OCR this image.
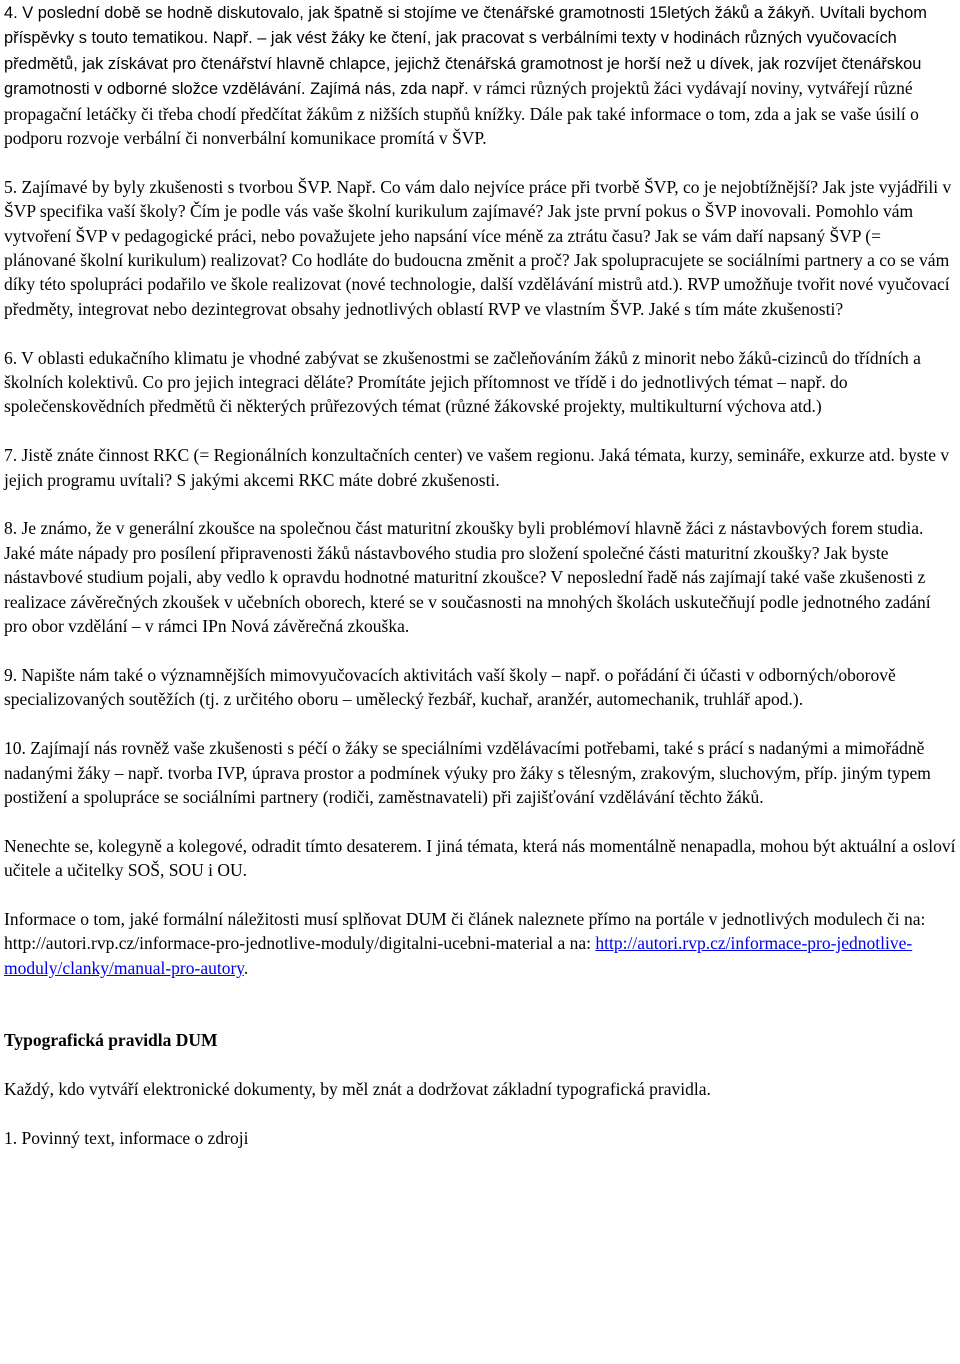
4. V poslední době se hodně diskutovalo, jak špatně si stojíme ve čtenářské gramotnosti 15letých žáků a žákyň. Uvítali bychom příspěvky s touto tematikou. Např. – jak vést žáky ke čtení, jak pracovat s verbálními texty v hodinách různých vyučovacích předmětů, jak získávat pro čtenářství hlavně chlapce, jejichž čtenářská gramotnost je horší než u dívek, jak rozvíjet čtenářskou gramotnosti v odborné složce vzdělávání. Zajímá nás, zda např. v rámci různých projektů žáci vydávají noviny, vytvářejí různé propagační letáčky či třeba chodí předčítat žákům z nižších stupňů knížky. Dále pak také informace o tom, zda a jak se vaše úsilí o podporu rozvoje verbální či nonverbální komunikace promítá v ŠVP.

5. Zajímavé by byly zkušenosti s tvorbou ŠVP. Např. Co vám dalo nejvíce práce při tvorbě ŠVP, co je nejobtížnější? Jak jste vyjádřili v ŠVP specifika vaší školy? Čím je podle vás vaše školní kurikulum zajímavé? Jak jste první pokus o ŠVP inovovali. Pomohlo vám vytvoření ŠVP v pedagogické práci, nebo považujete jeho napsání více méně za ztrátu času? Jak se vám daří napsaný ŠVP (= plánované školní kurikulum) realizovat? Co hodláte do budoucna změnit a proč? Jak spolupracujete se sociálními partnery a co se vám díky této spolupráci podařilo ve škole realizovat (nové technologie, další vzdělávání mistrů atd.). RVP umožňuje tvořit nové vyučovací předměty, integrovat nebo dezintegrovat obsahy jednotlivých oblastí RVP ve vlastním ŠVP. Jaké s tím máte zkušenosti?

6. V oblasti edukačního klimatu je vhodné zabývat se zkušenostmi se začleňováním žáků z minorit nebo žáků-cizinců do třídních a školních kolektivů. Co pro jejich integraci děláte? Promítáte jejich přítomnost ve třídě i do jednotlivých témat – např. do společenskovědních předmětů či některých průřezových témat (různé žákovské projekty, multikulturní výchova atd.)

7. Jistě znáte činnost RKC (= Regionálních konzultačních center) ve vašem regionu. Jaká témata, kurzy, semináře, exkurze atd. byste v jejich programu uvítali? S jakými akcemi RKC máte dobré zkušenosti.

8. Je známo, že v generální zkoušce na společnou část maturitní zkoušky byli problémoví hlavně žáci z nástavbových forem studia. Jaké máte nápady pro posílení připravenosti žáků nástavbového studia pro složení společné části maturitní zkoušky? Jak byste nástavbové studium pojali, aby vedlo k opravdu hodnotné maturitní zkoušce? V neposlední řadě nás zajímají také vaše zkušenosti z realizace závěrečných zkoušek v učebních oborech, které se v současnosti na mnohých školách uskutečňují podle jednotného zadání pro obor vzdělání – v rámci IPn Nová závěrečná zkouška.

9. Napište nám také o významnějších mimovyučovacích aktivitách vaší školy – např. o pořádání či účasti v odborných/oborově specializovaných soutěžích (tj. z určitého oboru – umělecký řezbář, kuchař, aranžér, automechanik, truhlář apod.).

10. Zajímají nás rovněž vaše zkušenosti s péčí o žáky se speciálními vzdělávacími potřebami, také s prácí s nadanými a mimořádně nadanými žáky – např. tvorba IVP, úprava prostor a podmínek výuky pro žáky s tělesným, zrakovým, sluchovým, příp. jiným typem postižení a spolupráce se sociálními partnery (rodiči, zaměstnavateli) při zajišťování vzdělávání těchto žáků.

Nenechte se, kolegyně a kolegové, odradit tímto desaterem. I jiná témata, která nás momentálně nenapadla, mohou být aktuální a osloví učitele a učitelky SOŠ, SOU i OU.

Informace o tom, jaké formální náležitosti musí splňovat DUM či článek naleznete přímo na portále v jednotlivých modulech či na: http://autori.rvp.cz/informace-pro-jednotlive-moduly/digitalni-ucebni-material a na: http://autori.rvp.cz/informace-pro-jednotlive-moduly/clanky/manual-pro-autory.

Typografická pravidla DUM

Každý, kdo vytváří elektronické dokumenty, by měl znát a dodržovat základní typografická pravidla.

1. Povinný text, informace o zdroji
